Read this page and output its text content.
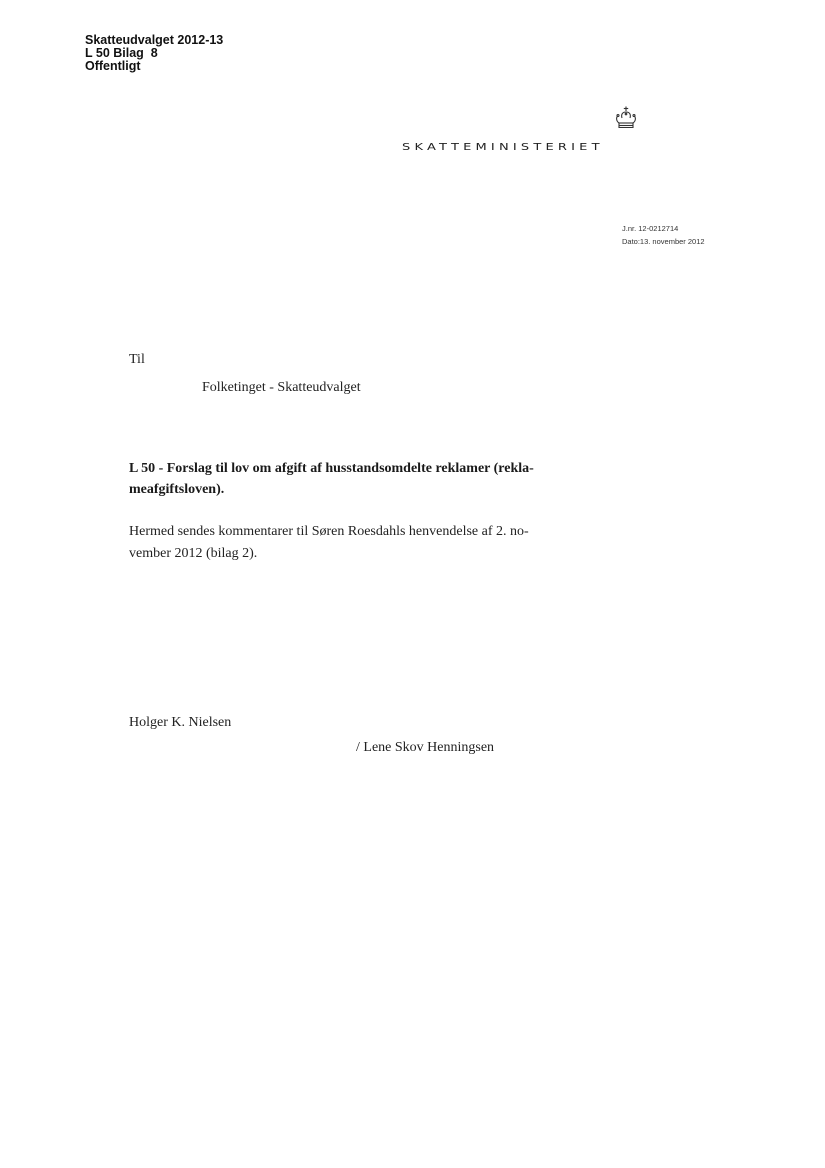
Skatteudvalget 2012-13
L 50 Bilag  8
Offentligt
SKATTEMINISTERIET
J.nr. 12-0212714
Dato:13. november 2012
Til
Folketinget - Skatteudvalget
L 50 - Forslag til lov om afgift af husstandsomdelte reklamer (rekla-
meafgiftsloven).
Hermed sendes kommentarer til Søren Roesdahls henvendelse af 2. no-
vember 2012 (bilag 2).
Holger K. Nielsen
/ Lene Skov Henningsen
